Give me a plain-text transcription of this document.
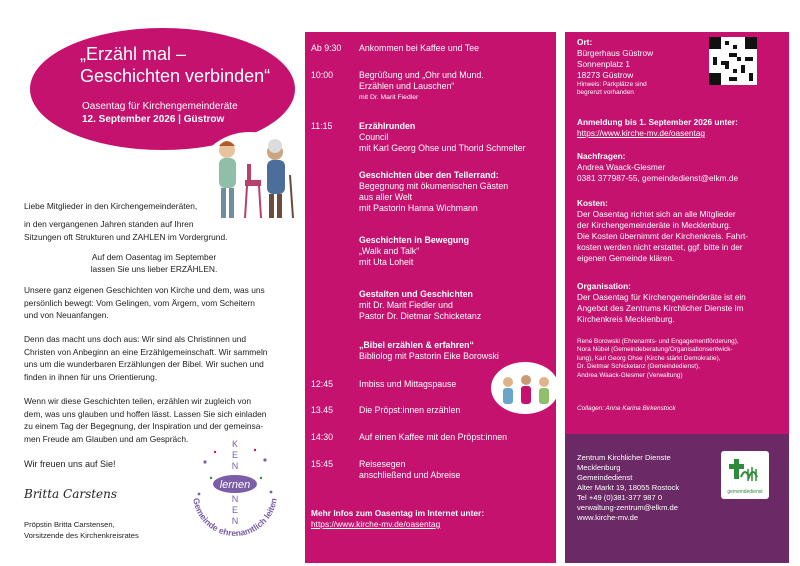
„Erzähl mal –
Geschichten verbinden“
Oasentag für Kirchengemeinderäte
12. September 2026 | Güstrow
Liebe Mitglieder in den Kirchengemeinderäten,
in den vergangenen Jahren standen auf Ihren
Sitzungen oft Strukturen und ZAHLEN im Vordergrund.
Auf dem Oasentag im September
lassen Sie uns lieber ERZÄHLEN.
Unsere ganz eigenen Geschichten von Kirche und dem, was uns
persönlich bewegt: Vom Gelingen, vom Ärgern, vom Scheitern
und von Neuanfangen.
Denn das macht uns doch aus: Wir sind als Christinnen und
Christen von Anbeginn an eine Erzählgemeinschaft. Wir sammeln
uns um die wunderbaren Erzählungen der Bibel. Wir suchen und
finden in ihnen für uns Orientierung.
Wenn wir diese Geschichten teilen, erzählen wir zugleich von
dem, was uns glauben und hoffen lässt. Lassen Sie sich einladen
zu einem Tag der Begegnung, der Inspiration und der gemeinsa-
men Freude am Glauben und am Gespräch.
Wir freuen uns auf Sie!
Britta Carstens
Pröpstin Britta Carstensen,
Vorsitzende des Kirchenkreisrates
K
E
N
N
E
N
lernen
Gemeinde ehrenamtlich leiten
Ab 9:30	Ankommen bei Kaffee und Tee
10:00	Begrüßung und „Ohr und Mund.
Erzählen und Lauschen“
mit Dr. Marit Fiedler
11:15	Erzählrunden
Council
mit Karl Georg Ohse und Thorid Schmelter
Geschichten über den Tellerrand:
Begegnung mit ökumenischen Gästen
aus aller Welt
mit Pastorin Hanna Wichmann
Geschichten in Bewegung
„Walk and Talk“
mit Uta Loheit
Gestalten und Geschichten
mit Dr. Marit Fiedler und
Pastor Dr. Dietmar Schicketanz
„Bibel erzählen & erfahren“
Bibliolog mit Pastorin Eike Borowski
12:45	Imbiss und Mittagspause
13.45	Die Pröpst:innen erzählen
14:30	Auf einen Kaffee mit den Pröpst:innen
15:45	Reisesegen
anschließend und Abreise
Mehr Infos zum Oasentag im Internet unter:
https://www.kirche-mv.de/oasentag
Ort:
Bürgerhaus Güstrow
Sonnenplatz 1
18273 Güstrow
Hinweis: Parkplätze sind
begrenzt vorhanden
Anmeldung bis 1. September 2026 unter:
https://www.kirche-mv.de/oasentag
Nachfragen:
Andrea Waack-Glesmer
0381 377987-55, gemeindedienst@elkm.de
Kosten:
Der Oasentag richtet sich an alle Mitglieder
der Kirchengemeinderäte in Mecklenburg.
Die Kosten übernimmt der Kirchenkreis. Fahrt-
kosten werden nicht erstattet, ggf. bitte in der
eigenen Gemeinde klären.
Organisation:
Der Oasentag für Kirchengemeinderäte ist ein
Angebot des Zentrums Kirchlicher Dienste im
Kirchenkreis Mecklenburg.
René Borowski (Ehrenamts- und Engagementförderung),
Nora Nübel (Gemeindeberatung/Organisationsentwick-
lung), Karl Georg Ohse (Kirche stärkt Demokratie),
Dr. Dietmar Schicketanz (Gemeindedienst),
Andrea Waack-Glesmer (Verwaltung)
Collagen: Anna Karina Birkenstock
Zentrum Kirchlicher Dienste
Mecklenburg
Gemeindedienst
Alter Markt 19, 18055 Rostock
Tel +49 (0)381-377 987 0
verwaltung-zentrum@elkm.de
www.kirche-mv.de
gemeindedienst
